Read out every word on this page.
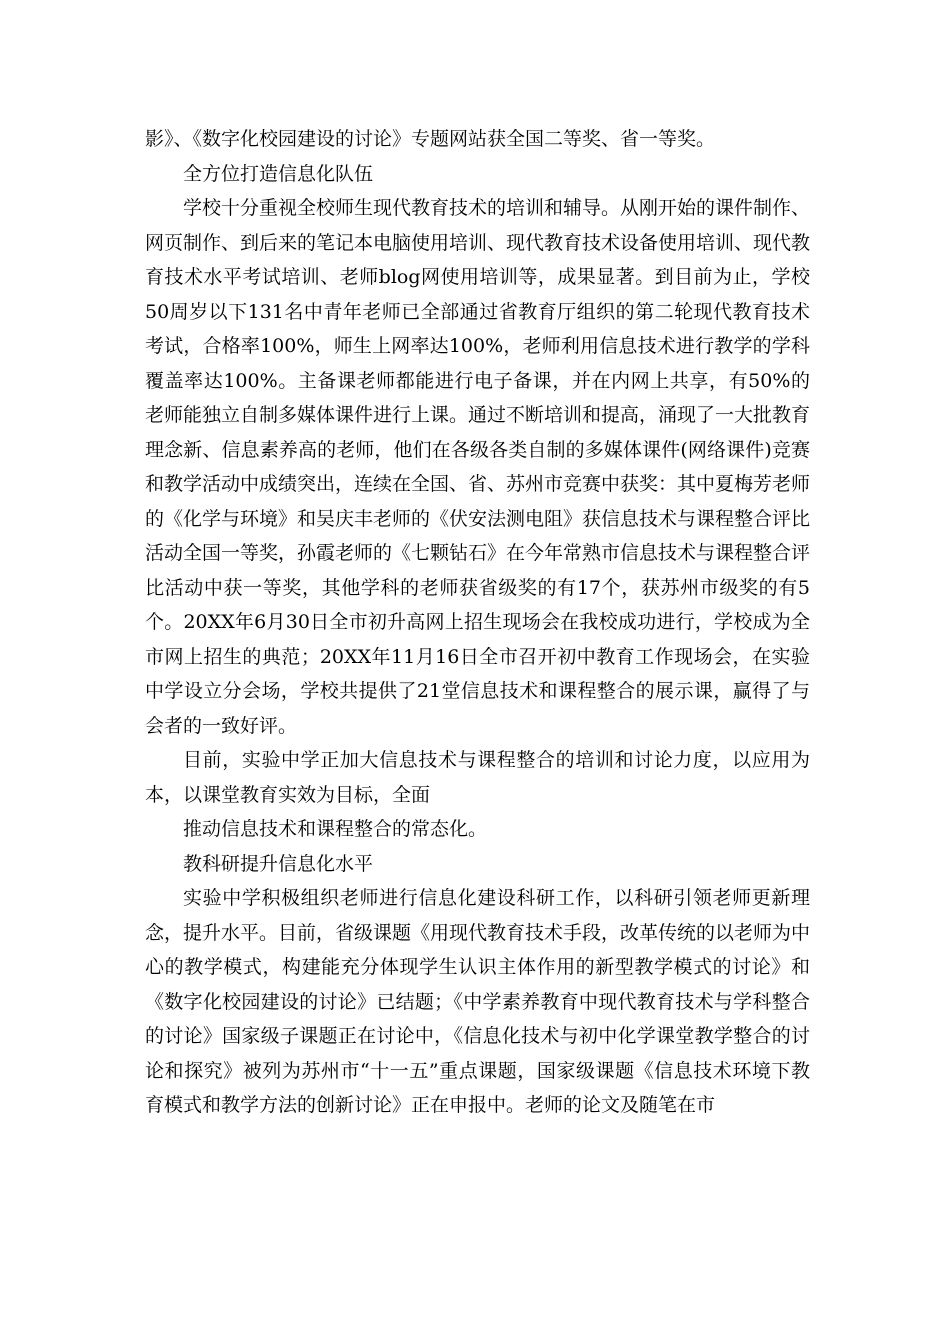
影》、《数字化校园建设的讨论》专题网站获全国二等奖、省一等奖。

全方位打造信息化队伍

学校十分重视全校师生现代教育技术的培训和辅导。从刚开始的课件制作、网页制作、到后来的笔记本电脑使用培训、现代教育技术设备使用培训、现代教育技术水平考试培训、老师blog网使用培训等，成果显著。到目前为止，学校50周岁以下131名中青年老师已全部通过省教育厅组织的第二轮现代教育技术考试，合格率100%，师生上网率达100%，老师利用信息技术进行教学的学科覆盖率达100%。主备课老师都能进行电子备课，并在内网上共享，有50%的老师能独立自制多媒体课件进行上课。通过不断培训和提高，涌现了一大批教育理念新、信息素养高的老师，他们在各级各类自制的多媒体课件(网络课件)竞赛和教学活动中成绩突出，连续在全国、省、苏州市竞赛中获奖：其中夏梅芳老师的《化学与环境》和吴庆丰老师的《伏安法测电阻》获信息技术与课程整合评比活动全国一等奖，孙霞老师的《七颗钻石》在今年常熟市信息技术与课程整合评比活动中获一等奖，其他学科的老师获省级奖的有17个，获苏州市级奖的有5个。20XX年6月30日全市初升高网上招生现场会在我校成功进行，学校成为全市网上招生的典范；20XX年11月16日全市召开初中教育工作现场会，在实验中学设立分会场，学校共提供了21堂信息技术和课程整合的展示课，赢得了与会者的一致好评。

目前，实验中学正加大信息技术与课程整合的培训和讨论力度，以应用为本，以课堂教育实效为目标，全面

推动信息技术和课程整合的常态化。

教科研提升信息化水平

实验中学积极组织老师进行信息化建设科研工作，以科研引领老师更新理念，提升水平。目前，省级课题《用现代教育技术手段，改革传统的以老师为中心的教学模式，构建能充分体现学生认识主体作用的新型教学模式的讨论》和《数字化校园建设的讨论》已结题；《中学素养教育中现代教育技术与学科整合的讨论》国家级子课题正在讨论中，《信息化技术与初中化学课堂教学整合的讨论和探究》被列为苏州市“十一五”重点课题，国家级课题《信息技术环境下教育模式和教学方法的创新讨论》正在申报中。老师的论文及随笔在市
